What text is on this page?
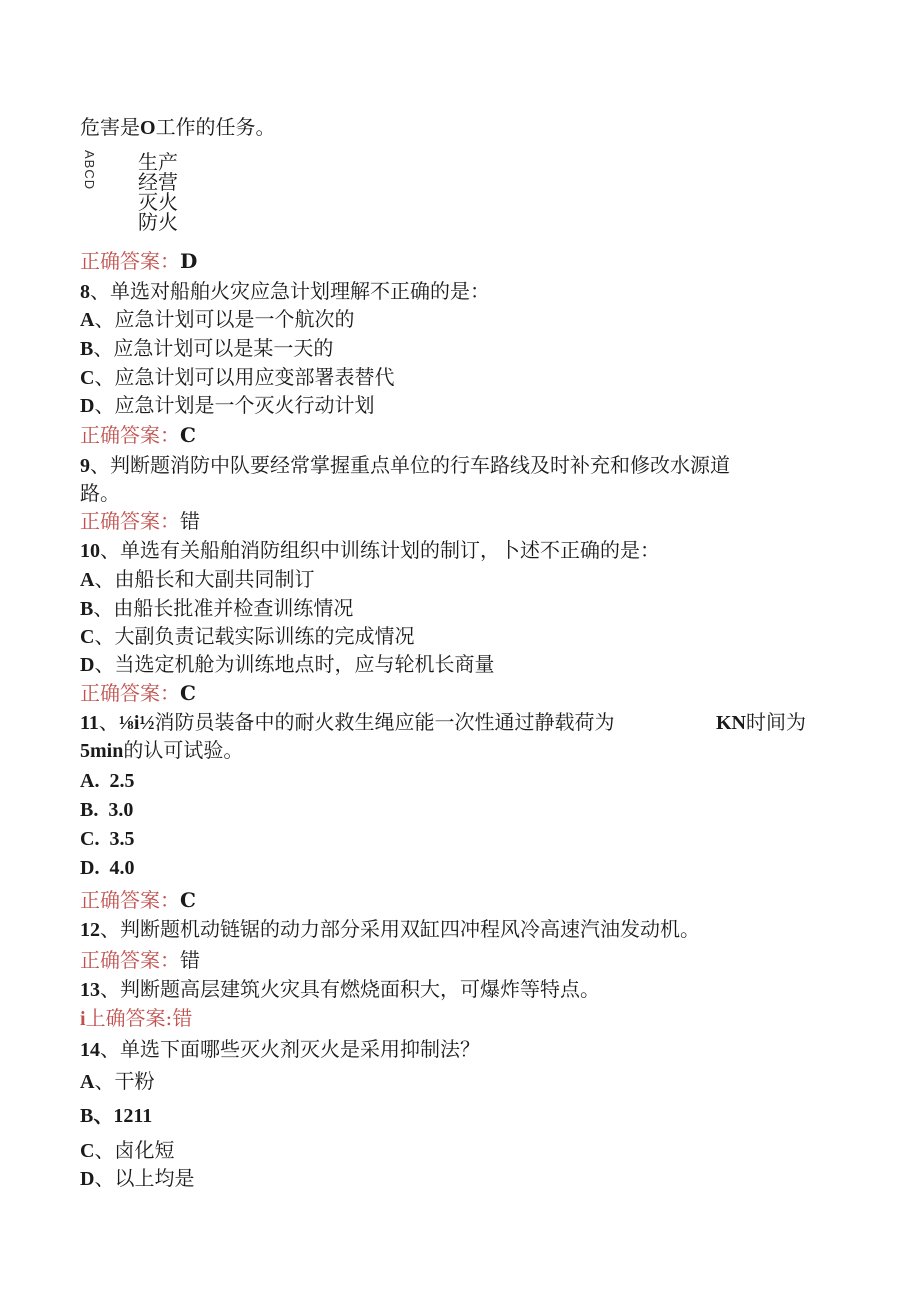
危害是O工作的任务。
ABCD 生产
经营
灭火
防火
正确答案：D
8、单选对船舶火灾应急计划理解不正确的是：
A、应急计划可以是一个航次的
B、应急计划可以是某一天的
C、应急计划可以用应变部署表替代
D、应急计划是一个灭火行动计划
正确答案：C
9、判断题消防中队要经常掌握重点单位的行车路线及时补充和修改水源道
路。
正确答案：错
10、单选有关船舶消防组织中训练计划的制订，卜述不正确的是：
A、由船长和大副共同制订
B、由船长批准并检查训练情况
C、大副负责记载实际训练的完成情况
D、当选定机舱为训练地点时，应与轮机长商量
正确答案：C
11、⅛i½消防员装备中的耐火救生绳应能一次性通过静载荷为	KN时间为
5min的认可试验。
A. 2.5
B. 3.0
C. 3.5
D. 4.0
正确答案：C
12、判断题机动链锯的动力部分采用双缸四冲程风冷高速汽油发动机。
正确答案：错
13、判断题高层建筑火灾具有燃烧面积大，可爆炸等特点。
i上确答案:错
14、单选下面哪些灭火剂灭火是采用抑制法？
A、干粉
B、1211
C、卤化短
D、以上均是
